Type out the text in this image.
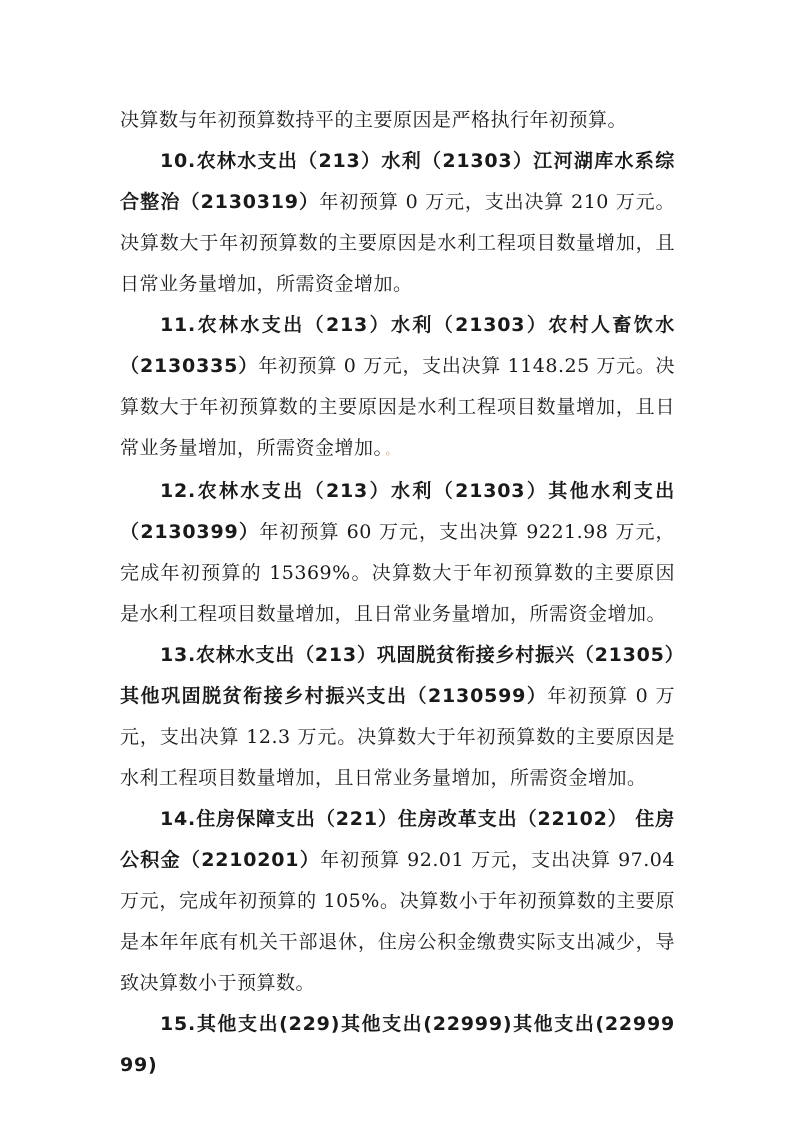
决算数与年初预算数持平的主要原因是严格执行年初预算。

10.农林水支出（213）水利（21303）江河湖库水系综合整治（2130319）年初预算 0 万元，支出决算 210 万元。决算数大于年初预算数的主要原因是水利工程项目数量增加，且日常业务量增加，所需资金增加。

11.农林水支出（213）水利（21303）农村人畜饮水（2130335）年初预算 0 万元，支出决算 1148.25 万元。决算数大于年初预算数的主要原因是水利工程项目数量增加，且日常业务量增加，所需资金增加。 。

12.农林水支出（213）水利（21303）其他水利支出（2130399）年初预算 60 万元，支出决算 9221.98 万元，完成年初预算的 15369%。决算数大于年初预算数的主要原因是水利工程项目数量增加，且日常业务量增加，所需资金增加。

13.农林水支出（213）巩固脱贫衔接乡村振兴（21305）其他巩固脱贫衔接乡村振兴支出（2130599）年初预算 0 万元，支出决算 12.3 万元。决算数大于年初预算数的主要原因是水利工程项目数量增加，且日常业务量增加，所需资金增加。

14.住房保障支出（221）住房改革支出（22102） 住房公积金（2210201）年初预算 92.01 万元，支出决算 97.04 万元，完成年初预算的 105%。决算数小于年初预算数的主要原是本年年底有机关干部退休，住房公积金缴费实际支出减少，导致决算数小于预算数。

15.其他支出(229)其他支出(22999)其他支出(2299999)
